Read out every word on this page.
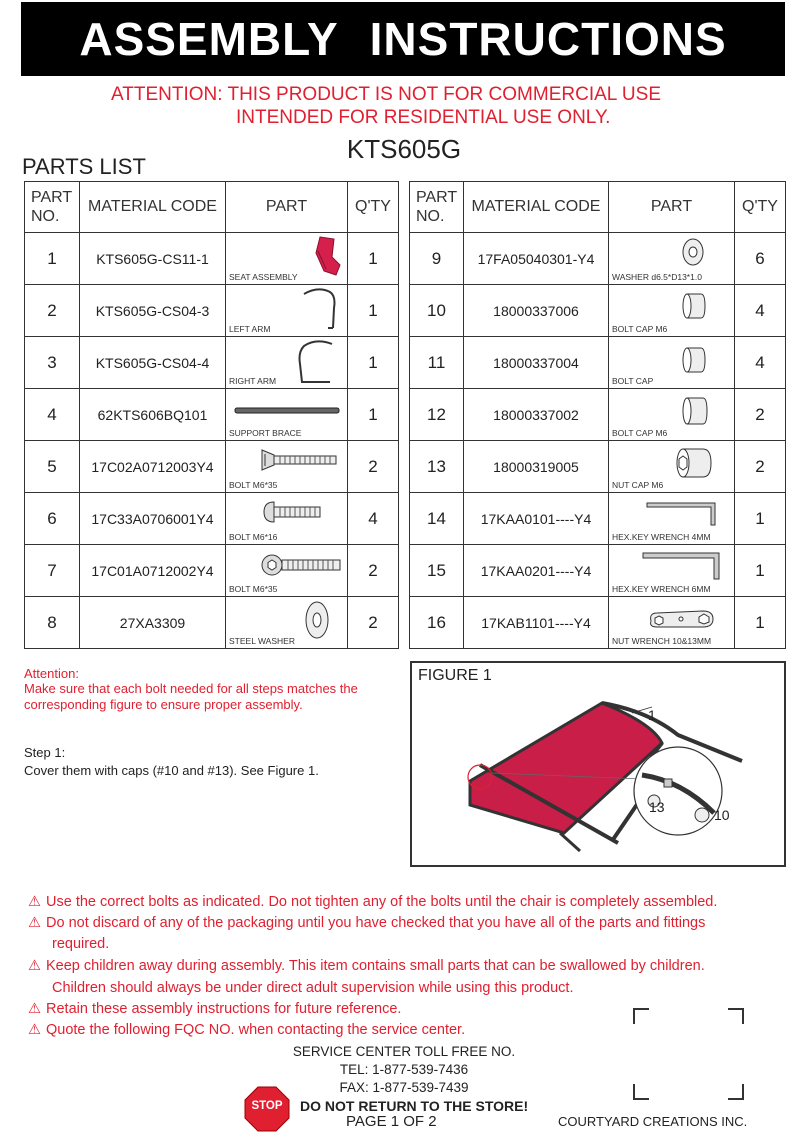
ASSEMBLY INSTRUCTIONS
ATTENTION: THIS PRODUCT IS NOT FOR COMMERCIAL USE
INTENDED FOR RESIDENTIAL USE ONLY.
KTS605G
PARTS LIST
PART
NO.	MATERIAL CODE	PART	Q'TY
1	KTS605G-CS11-1	SEAT ASSEMBLY	1
2	KTS605G-CS04-3	LEFT ARM	1
3	KTS605G-CS04-4	RIGHT ARM	1
4	62KTS606BQ101	SUPPORT BRACE	1
5	17C02A0712003Y4	BOLT M6*35	2
6	17C33A0706001Y4	BOLT M6*16	4
7	17C01A0712002Y4	BOLT M6*35	2
8	27XA3309	STEEL WASHER	2
PART
NO.	MATERIAL CODE	PART	Q'TY
9	17FA05040301-Y4	WASHER d6.5*D13*1.0	6
10	18000337006	BOLT CAP M6	4
11	18000337004	BOLT CAP	4
12	18000337002	BOLT CAP M6	2
13	18000319005	NUT CAP M6	2
14	17KAA0101----Y4	HEX.KEY WRENCH 4MM	1
15	17KAA0201----Y4	HEX.KEY WRENCH 6MM	1
16	17KAB1101----Y4	NUT WRENCH 10&13MM	1
Attention:
Make sure that each bolt needed for all steps matches the
corresponding figure to ensure proper assembly.
Step 1:
Cover them with caps (#10 and #13). See Figure 1.
FIGURE 1
1
13	10
⚠ Use the correct bolts as indicated. Do not tighten any of the bolts until the chair is completely assembled.
⚠ Do not discard of any of the packaging until you have checked that you have all of the parts and fittings
required.
⚠ Keep children away during assembly. This item contains small parts that can be swallowed by children.
Children should always be under direct adult supervision while using this product.
⚠ Retain these assembly instructions for future reference.
⚠ Quote the following FQC NO. when contacting the service center.
SERVICE CENTER TOLL FREE NO.
TEL: 1-877-539-7436
FAX: 1-877-539-7439
STOP	DO NOT RETURN TO THE STORE!
PAGE 1 OF 2	COURTYARD CREATIONS INC.
